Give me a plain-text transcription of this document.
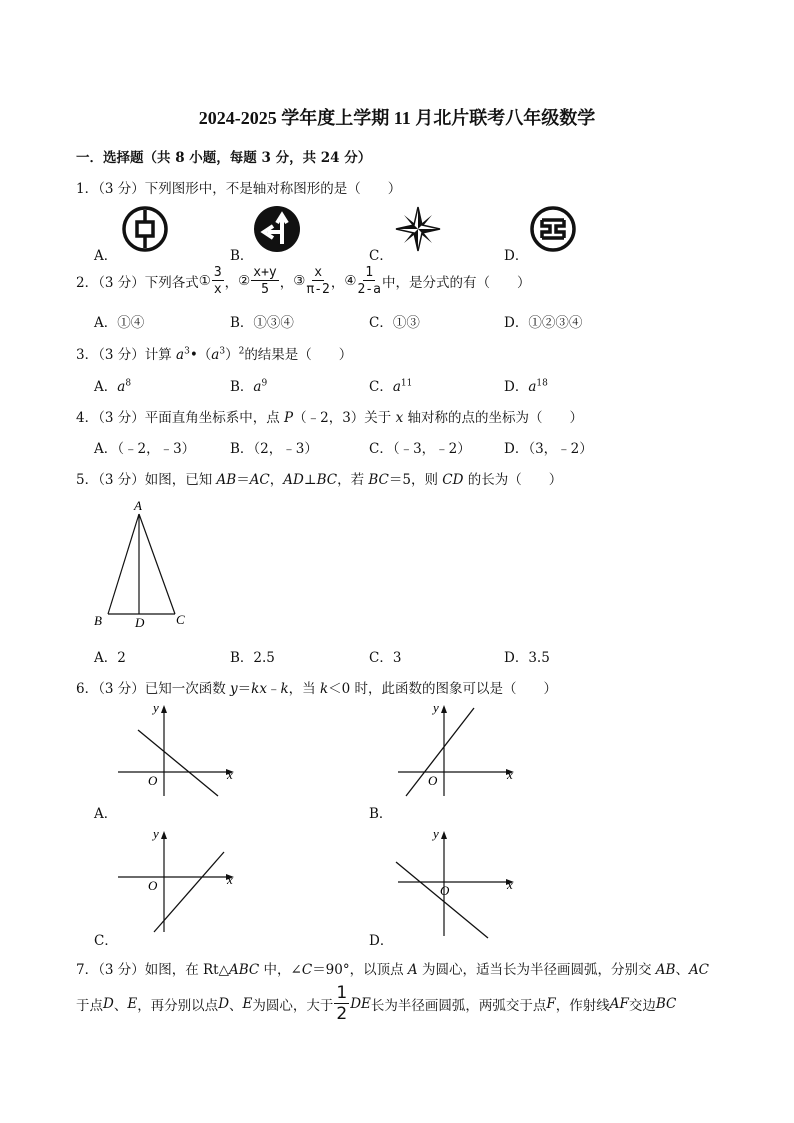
2024-2025 学年度上学期 11 月北片联考八年级数学
一．选择题（共 8 小题，每题 3 分，共 24 分）
1．（3 分）下列图形中，不是轴对称图形的是（　　）
A．	B．	C．	D．
2．（3 分）下列各式 ① $\frac{3}{x}$ ， ② $\frac{x+y}{5}$ ， ③ $\frac{x}{\pi-2}$ ， ④ $\frac{1}{2-a}$ 中，是分式的有（　　）
A．①④	B．①③④	C．①③	D．①②③④
3．（3 分）计算 $a^3•(a^3)^2$的结果是（　　）
A．$a^8$	B．$a^9$	C．$a^{11}$	D．$a^{18}$
4．（3 分）平面直角坐标系中，点 P（﹣2，3）关于 x 轴对称的点的坐标为（　　）
A．（﹣2，﹣3）	B．（2，﹣3）	C．（﹣3，﹣2） D．（3，﹣2）
5．（3 分）如图，已知 AB＝AC，AD⊥BC，若 BC＝5，则 CD 的长为（　　）
A
B	D C
A．2	B．2.5	C．3	D．3.5
6．（3 分）已知一次函数 y＝kx﹣k，当 k＜0 时，此函数的图象可以是（　　）
y
x
O
A．
y
x
O
B．
y
x
O
C．
y
x
O
D．
7．（3 分）如图，在 Rt△ABC 中，∠C＝90°，以顶点 A 为圆心，适当长为半径画圆弧，分别交 AB、AC
于点 D 、 E ，再分别以点 D 、 E 为圆心，大于 $\frac{1}{2}$ DE 长为半径画圆弧，两弧交于点 F ，作射线 AF 交边 BC
